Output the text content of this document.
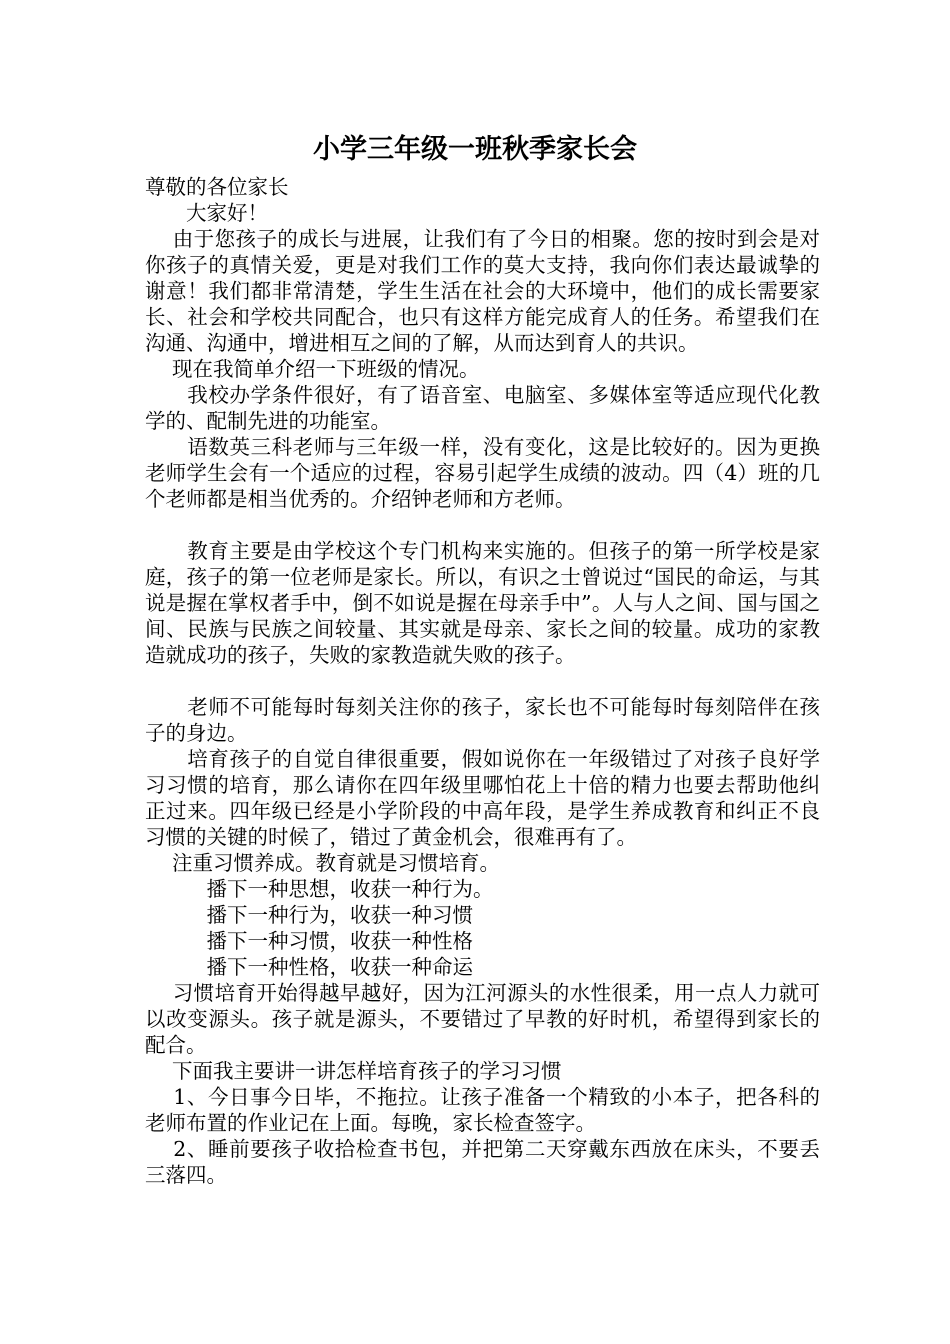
小学三年级一班秋季家长会

尊敬的各位家长

　　大家好！

　 由于您孩子的成长与进展，让我们有了今日的相聚。您的按时到会是对你孩子的真情关爱，更是对我们工作的莫大支持，我向你们表达最诚挚的谢意！我们都非常清楚，学生生活在社会的大环境中，他们的成长需要家长、社会和学校共同配合，也只有这样方能完成育人的任务。希望我们在沟通、沟通中，增进相互之间的了解，从而达到育人的共识。

　 现在我简单介绍一下班级的情况。

　　我校办学条件很好，有了语音室、电脑室、多媒体室等适应现代化教学的、配制先进的功能室。

　　语数英三科老师与三年级一样，没有变化，这是比较好的。因为更换老师学生会有一个适应的过程，容易引起学生成绩的波动。四（4）班的几个老师都是相当优秀的。介绍钟老师和方老师。

　　教育主要是由学校这个专门机构来实施的。但孩子的第一所学校是家庭，孩子的第一位老师是家长。所以，有识之士曾说过“国民的命运，与其说是握在掌权者手中，倒不如说是握在母亲手中”。人与人之间、国与国之间、民族与民族之间较量、其实就是母亲、家长之间的较量。成功的家教造就成功的孩子，失败的家教造就失败的孩子。

　　老师不可能每时每刻关注你的孩子，家长也不可能每时每刻陪伴在孩子的身边。

　　培育孩子的自觉自律很重要，假如说你在一年级错过了对孩子良好学习习惯的培育，那么请你在四年级里哪怕花上十倍的精力也要去帮助他纠正过来。四年级已经是小学阶段的中高年段，是学生养成教育和纠正不良习惯的关键的时候了，错过了黄金机会，很难再有了。

　 注重习惯养成。教育就是习惯培育。

　　　播下一种思想，收获一种行为。

　　　播下一种行为，收获一种习惯

　　　播下一种习惯，收获一种性格

　　　播下一种性格，收获一种命运

　 习惯培育开始得越早越好，因为江河源头的水性很柔，用一点人力就可以改变源头。孩子就是源头，不要错过了早教的好时机，希望得到家长的配合。

　 下面我主要讲一讲怎样培育孩子的学习习惯

　 1、今日事今日毕，不拖拉。让孩子准备一个精致的小本子，把各科的老师布置的作业记在上面。每晚，家长检查签字。

　 2、睡前要孩子收拾检查书包，并把第二天穿戴东西放在床头，不要丢三落四。
